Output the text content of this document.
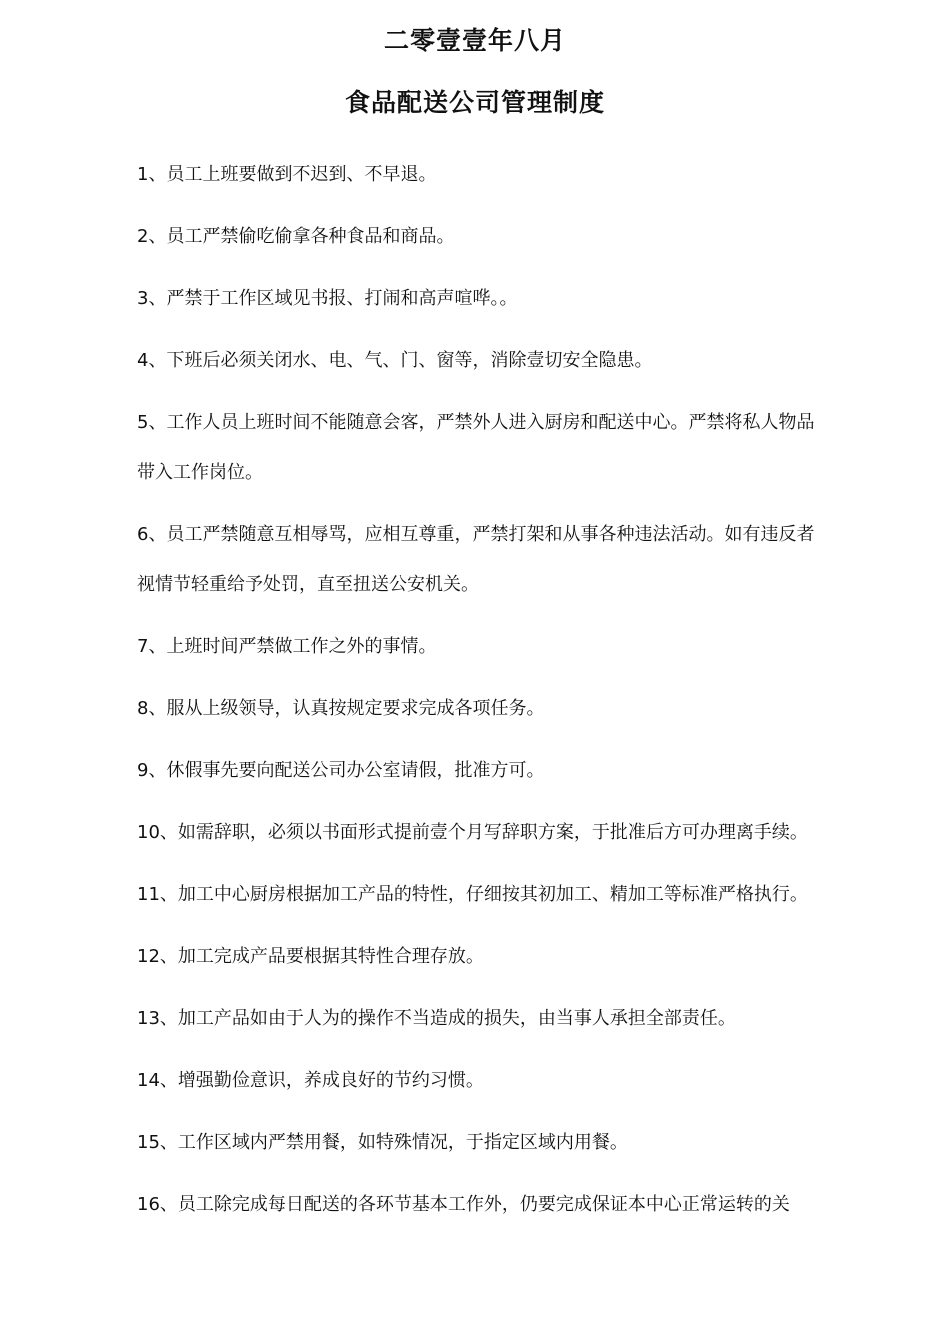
二零壹壹年八月
食品配送公司管理制度
1、员工上班要做到不迟到、不早退。
2、员工严禁偷吃偷拿各种食品和商品。
3、严禁于工作区域见书报、打闹和高声喧哗。。
4、下班后必须关闭水、电、气、门、窗等，消除壹切安全隐患。
5、工作人员上班时间不能随意会客，严禁外人进入厨房和配送中心。严禁将私人物品带入工作岗位。
6、员工严禁随意互相辱骂，应相互尊重，严禁打架和从事各种违法活动。如有违反者视情节轻重给予处罚，直至扭送公安机关。
7、上班时间严禁做工作之外的事情。
8、服从上级领导，认真按规定要求完成各项任务。
9、休假事先要向配送公司办公室请假，批准方可。
10、如需辞职，必须以书面形式提前壹个月写辞职方案，于批准后方可办理离手续。
11、加工中心厨房根据加工产品的特性，仔细按其初加工、精加工等标准严格执行。
12、加工完成产品要根据其特性合理存放。
13、加工产品如由于人为的操作不当造成的损失，由当事人承担全部责任。
14、增强勤俭意识，养成良好的节约习惯。
15、工作区域内严禁用餐，如特殊情况，于指定区域内用餐。
16、员工除完成每日配送的各环节基本工作外，仍要完成保证本中心正常运转的关
